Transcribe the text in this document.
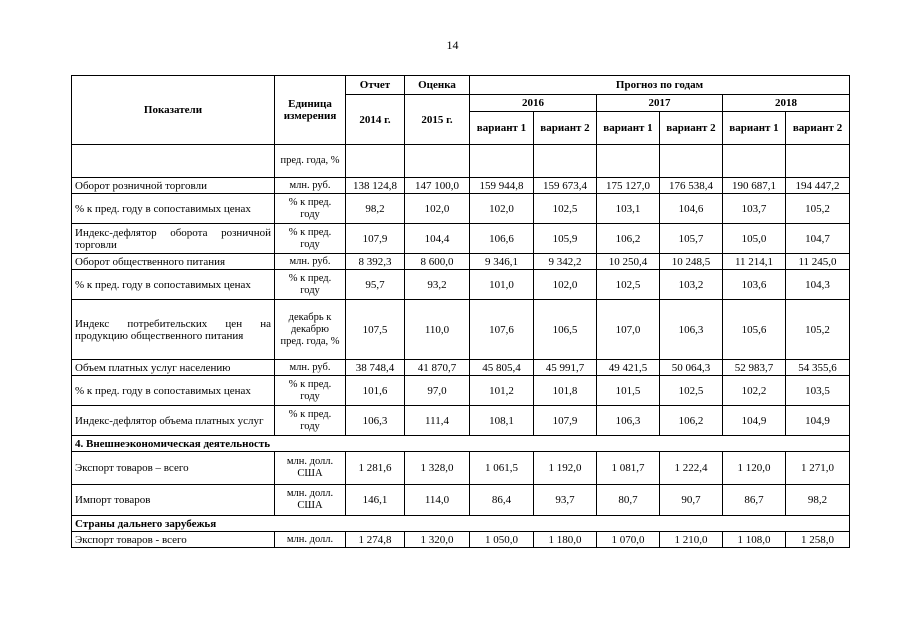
14
Показатели	Единица измерения	Отчет	Оценка	Прогноз по годам					
		2014 г.	2015 г.	2016		2017		2018	
				вариант 1	вариант 2	вариант 1	вариант 2	вариант 1	вариант 2
	пред. года, %								
Оборот розничной торговли	млн. руб.	138 124,8	147 100,0	159 944,8	159 673,4	175 127,0	176 538,4	190 687,1	194 447,2
% к пред. году в сопоставимых ценах	% к пред. году	98,2	102,0	102,0	102,5	103,1	104,6	103,7	105,2
Индекс-дефлятор оборота розничной торговли	% к пред. году	107,9	104,4	106,6	105,9	106,2	105,7	105,0	104,7
Оборот общественного питания	млн. руб.	8 392,3	8 600,0	9 346,1	9 342,2	10 250,4	10 248,5	11 214,1	11 245,0
% к пред. году в сопоставимых ценах	% к пред. году	95,7	93,2	101,0	102,0	102,5	103,2	103,6	104,3
Индекс потребительских цен на продукцию общественного питания	декабрь к декабрю пред. года, %	107,5	110,0	107,6	106,5	107,0	106,3	105,6	105,2
Объем платных услуг населению	млн. руб.	38 748,4	41 870,7	45 805,4	45 991,7	49 421,5	50 064,3	52 983,7	54 355,6
% к пред. году в сопоставимых ценах	% к пред. году	101,6	97,0	101,2	101,8	101,5	102,5	102,2	103,5
Индекс-дефлятор объема платных услуг	% к пред. году	106,3	111,4	108,1	107,9	106,3	106,2	104,9	104,9
4. Внешнеэкономическая деятельность									
Экспорт товаров – всего	млн. долл. США	1 281,6	1 328,0	1 061,5	1 192,0	1 081,7	1 222,4	1 120,0	1 271,0
Импорт товаров	млн. долл. США	146,1	114,0	86,4	93,7	80,7	90,7	86,7	98,2
Страны дальнего зарубежья									
Экспорт товаров - всего	млн. долл.	1 274,8	1 320,0	1 050,0	1 180,0	1 070,0	1 210,0	1 108,0	1 258,0
